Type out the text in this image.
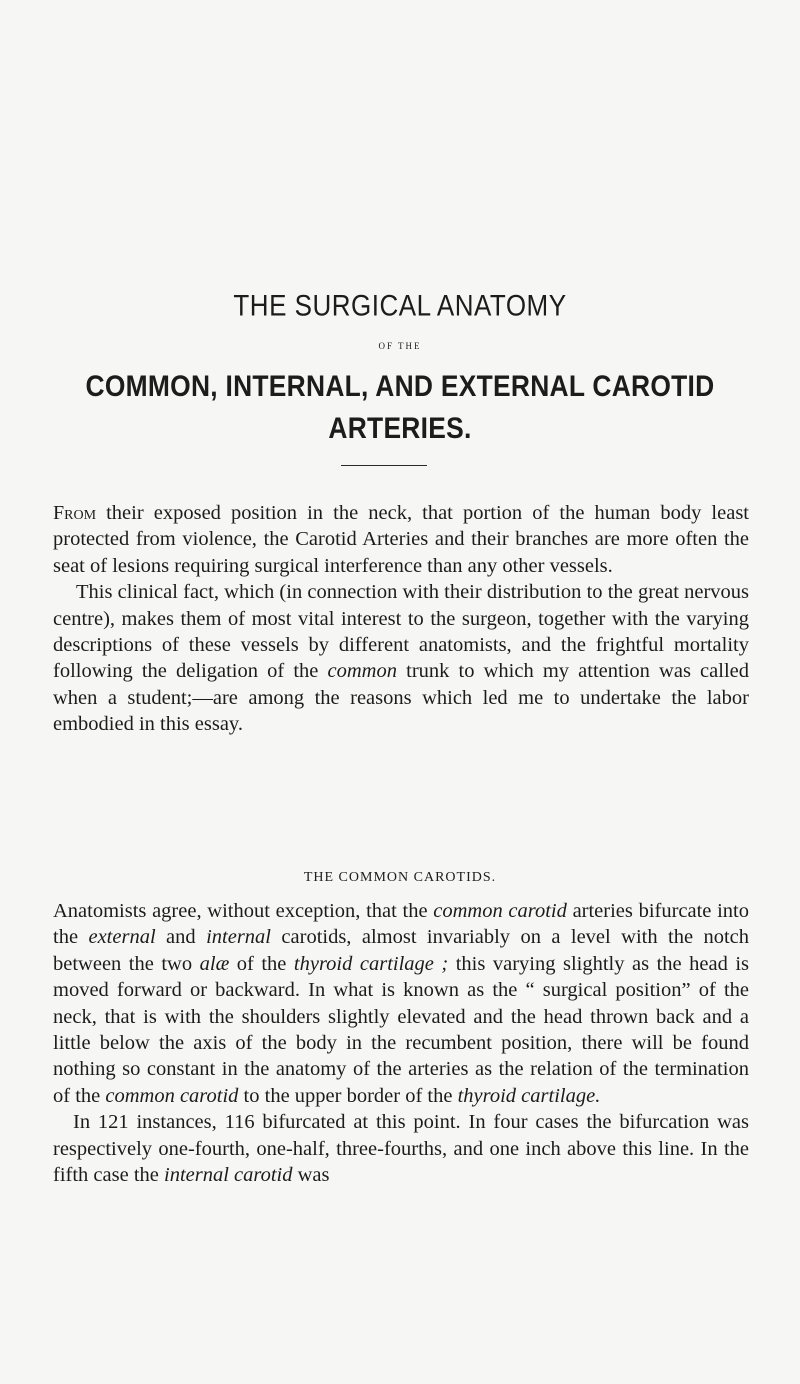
THE SURGICAL ANATOMY
OF THE
COMMON, INTERNAL, AND EXTERNAL CAROTID
ARTERIES.

From their exposed position in the neck, that portion of the human body least protected from violence, the Carotid Arteries and their branches are more often the seat of lesions requiring surgical interference than any other vessels.

This clinical fact, which (in connection with their distribution to the great nervous centre), makes them of most vital interest to the surgeon, together with the varying descriptions of these vessels by different anatomists, and the frightful mortality following the deligation of the common trunk to which my attention was called when a student;—are among the reasons which led me to undertake the labor embodied in this essay.

THE COMMON CAROTIDS.

Anatomists agree, without exception, that the common carotid arteries bifurcate into the external and internal carotids, almost invariably on a level with the notch between the two alæ of the thyroid cartilage ; this varying slightly as the head is moved forward or backward. In what is known as the “ surgical position” of the neck, that is with the shoulders slightly elevated and the head thrown back and a little below the axis of the body in the recumbent position, there will be found nothing so constant in the anatomy of the arteries as the relation of the termination of the common carotid to the upper border of the thyroid cartilage.

In 121 instances, 116 bifurcated at this point. In four cases the bifurcation was respectively one-fourth, one-half, three-fourths, and one inch above this line. In the fifth case the internal carotid was
